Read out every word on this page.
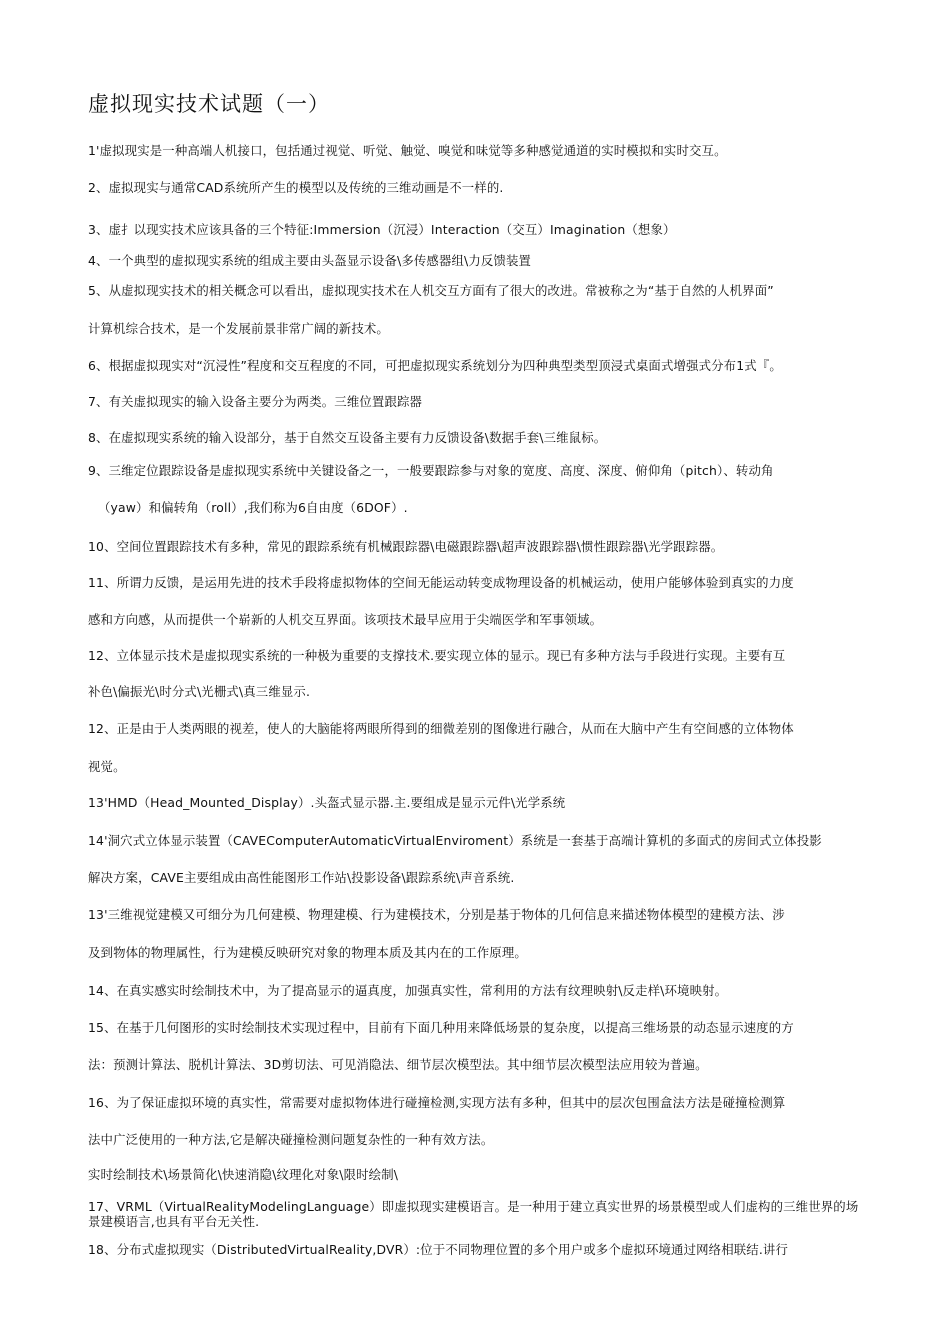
虚拟现实技术试题（一）
1'虚拟现实是一种高端人机接口，包括通过视觉、听觉、触觉、嗅觉和味觉等多种感觉通道的实时模拟和实时交互。
2、虚拟现实与通常CAD系统所产生的模型以及传统的三维动画是不一样的.
3、虚扌以现实技术应该具备的三个特征:Immersion（沉浸）Interaction（交互）Imagination（想象）
4、一个典型的虚拟现实系统的组成主要由头盔显示设备\多传感器组\力反馈装置
5、从虚拟现实技术的相关概念可以看出，虚拟现实技术在人机交互方面有了很大的改进。常被称之为“基于自然的人机界面”
计算机综合技术，是一个发展前景非常广阔的新技术。
6、根据虚拟现实对“沉浸性”程度和交互程度的不同，可把虚拟现实系统划分为四种典型类型顶浸式桌面式增强式分布1式『。
7、有关虚拟现实的输入设备主要分为两类。三维位置跟踪器
8、在虚拟现实系统的输入设部分，基于自然交互设备主要有力反馈设备\数据手套\三维鼠标。
9、三维定位跟踪设备是虚拟现实系统中关键设备之一，一般要跟踪参与对象的宽度、高度、深度、俯仰角（pitch）、转动角
（yaw）和偏转角（roll）,我们称为6自由度（6DOF）.
10、空间位置跟踪技术有多种，常见的跟踪系统有机械跟踪器\电磁跟踪器\超声波跟踪器\惯性跟踪器\光学跟踪器。
11、所谓力反馈，是运用先进的技术手段将虚拟物体的空间无能运动转变成物理设备的机械运动，使用户能够体验到真实的力度
感和方向感，从而提供一个崭新的人机交互界面。该项技术最早应用于尖端医学和军事领域。
12、立体显示技术是虚拟现实系统的一种极为重要的支撑技术.要实现立体的显示。现已有多种方法与手段进行实现。主要有互
补色\偏振光\时分式\光栅式\真三维显示.
12、正是由于人类两眼的视差，使人的大脑能将两眼所得到的细微差别的图像进行融合，从而在大脑中产生有空间感的立体物体
视觉。
13'HMD（Head_Mounted_Display）.头盔式显示器.主.要组成是显示元件\光学系统
14'洞穴式立体显示装置（CAVEComputerAutomaticVirtualEnviroment）系统是一套基于高端计算机的多面式的房间式立体投影
解决方案，CAVE主要组成由高性能图形工作站\投影设备\跟踪系统\声音系统.
13'三维视觉建模又可细分为几何建模、物理建模、行为建模技术，分别是基于物体的几何信息来描述物体模型的建模方法、涉
及到物体的物理属性，行为建模反映研究对象的物理本质及其内在的工作原理。
14、在真实感实时绘制技术中，为了提高显示的逼真度，加强真实性，常利用的方法有纹理映射\反走样\环境映射。
15、在基于几何图形的实时绘制技术实现过程中，目前有下面几种用来降低场景的复杂度，以提高三维场景的动态显示速度的方
法：预测计算法、脱机计算法、3D剪切法、可见消隐法、细节层次模型法。其中细节层次模型法应用较为普遍。
16、为了保证虚拟环境的真实性，常需要对虚拟物体进行碰撞检测,实现方法有多种，但其中的层次包围盒法方法是碰撞检测算
法中广泛使用的一种方法,它是解决碰撞检测问题复杂性的一种有效方法。
实时绘制技术\场景简化\快速消隐\纹理化对象\限时绘制\
17、VRML（VirtualRealityModelingLanguage）即虚拟现实建模语言。是一种用于建立真实世界的场景模型或人们虚构的三维世界的场景建模语言,也具有平台无关性.
18、分布式虚拟现实（DistributedVirtualReality,DVR）:位于不同物理位置的多个用户或多个虚拟环境通过网络相联结.讲行
